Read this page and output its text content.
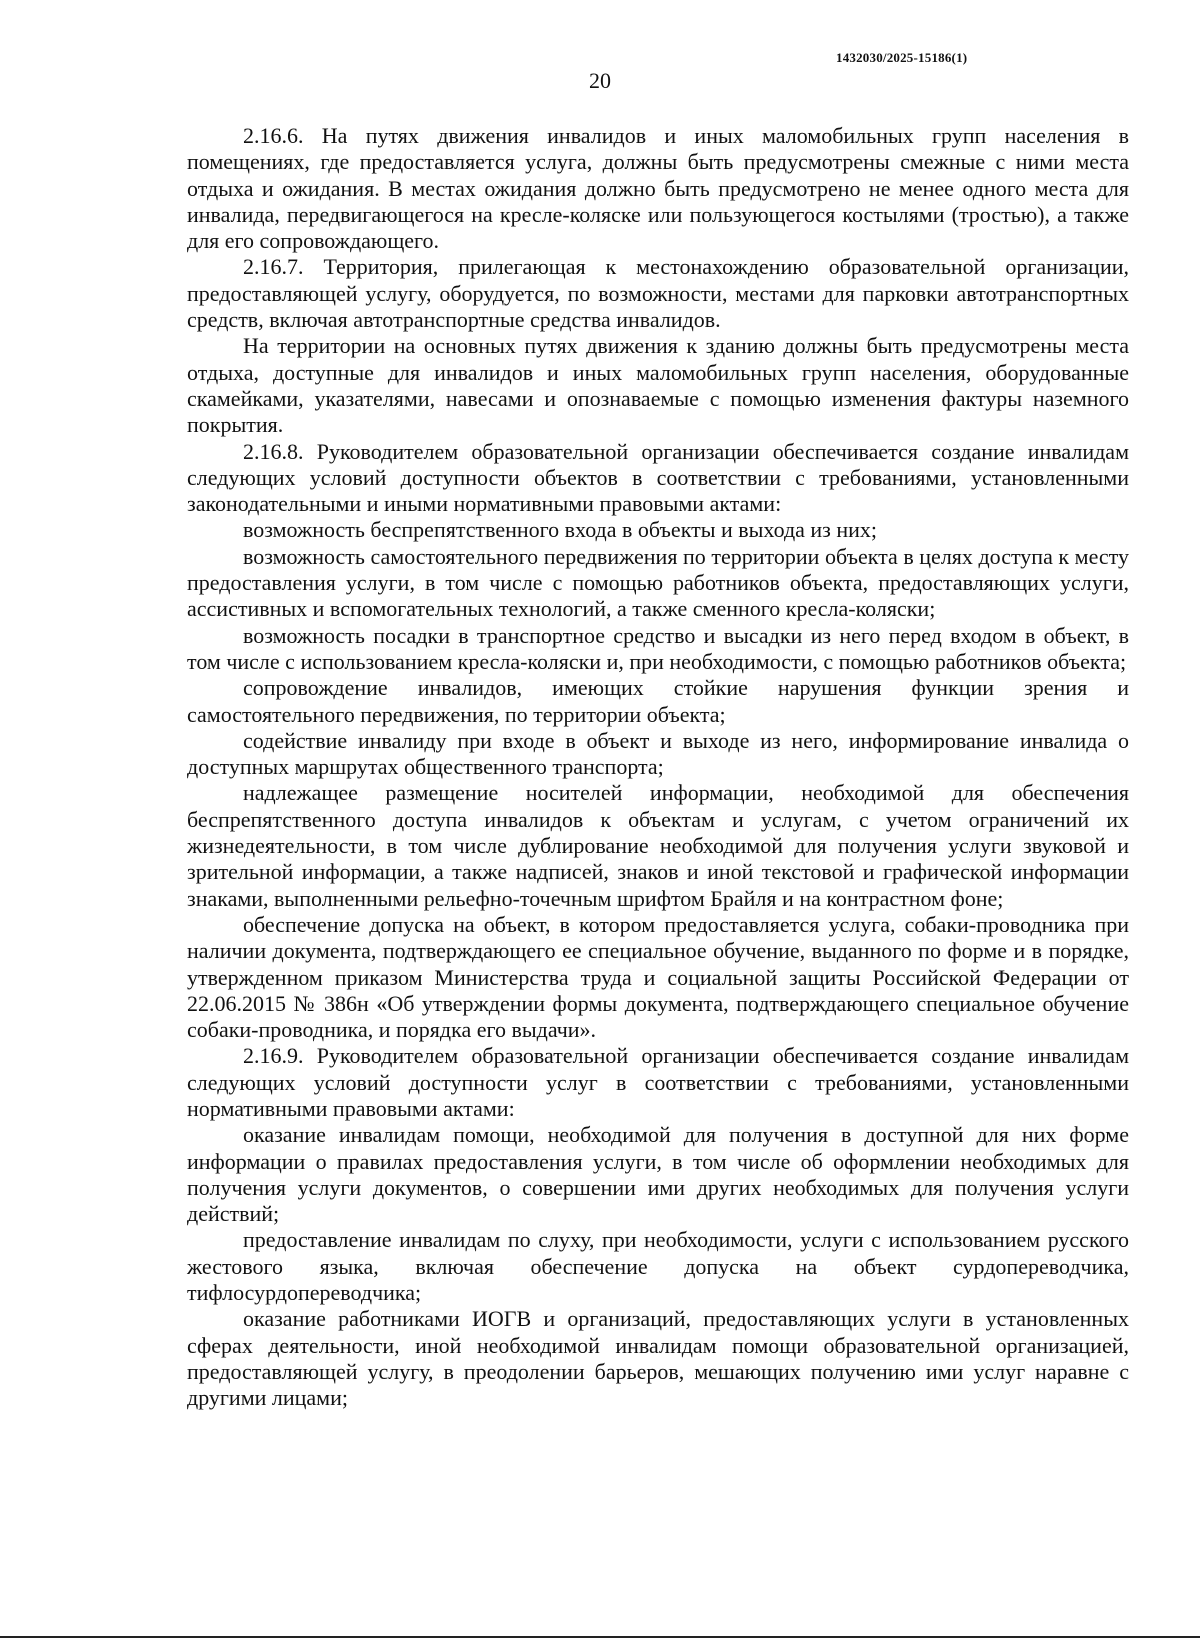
1432030/2025-15186(1)
20

2.16.6. На путях движения инвалидов и иных маломобильных групп населения в помещениях, где предоставляется услуга, должны быть предусмотрены смежные с ними места отдыха и ожидания. В местах ожидания должно быть предусмотрено не менее одного места для инвалида, передвигающегося на кресле-коляске или пользующегося костылями (тростью), а также для его сопровождающего.

2.16.7. Территория, прилегающая к местонахождению образовательной организации, предоставляющей услугу, оборудуется, по возможности, местами для парковки автотранспортных средств, включая автотранспортные средства инвалидов.

На территории на основных путях движения к зданию должны быть предусмотрены места отдыха, доступные для инвалидов и иных маломобильных групп населения, оборудованные скамейками, указателями, навесами и опознаваемые с помощью изменения фактуры наземного покрытия.

2.16.8. Руководителем образовательной организации обеспечивается создание инвалидам следующих условий доступности объектов в соответствии с требованиями, установленными законодательными и иными нормативными правовыми актами:

возможность беспрепятственного входа в объекты и выхода из них;

возможность самостоятельного передвижения по территории объекта в целях доступа к месту предоставления услуги, в том числе с помощью работников объекта, предоставляющих услуги, ассистивных и вспомогательных технологий, а также сменного кресла-коляски;

возможность посадки в транспортное средство и высадки из него перед входом в объект, в том числе с использованием кресла-коляски и, при необходимости, с помощью работников объекта;

сопровождение инвалидов, имеющих стойкие нарушения функции зрения и самостоятельного передвижения, по территории объекта;

содействие инвалиду при входе в объект и выходе из него, информирование инвалида о доступных маршрутах общественного транспорта;

надлежащее размещение носителей информации, необходимой для обеспечения беспрепятственного доступа инвалидов к объектам и услугам, с учетом ограничений их жизнедеятельности, в том числе дублирование необходимой для получения услуги звуковой и зрительной информации, а также надписей, знаков и иной текстовой и графической информации знаками, выполненными рельефно-точечным шрифтом Брайля и на контрастном фоне;

обеспечение допуска на объект, в котором предоставляется услуга, собаки-проводника при наличии документа, подтверждающего ее специальное обучение, выданного по форме и в порядке, утвержденном приказом Министерства труда и социальной защиты Российской Федерации от 22.06.2015 № 386н «Об утверждении формы документа, подтверждающего специальное обучение собаки-проводника, и порядка его выдачи».

2.16.9. Руководителем образовательной организации обеспечивается создание инвалидам следующих условий доступности услуг в соответствии с требованиями, установленными нормативными правовыми актами:

оказание инвалидам помощи, необходимой для получения в доступной для них форме информации о правилах предоставления услуги, в том числе об оформлении необходимых для получения услуги документов, о совершении ими других необходимых для получения услуги действий;

предоставление инвалидам по слуху, при необходимости, услуги с использованием русского жестового языка, включая обеспечение допуска на объект сурдопереводчика, тифлосурдопереводчика;

оказание работниками ИОГВ и организаций, предоставляющих услуги в установленных сферах деятельности, иной необходимой инвалидам помощи образовательной организацией, предоставляющей услугу, в преодолении барьеров, мешающих получению ими услуг наравне с другими лицами;
